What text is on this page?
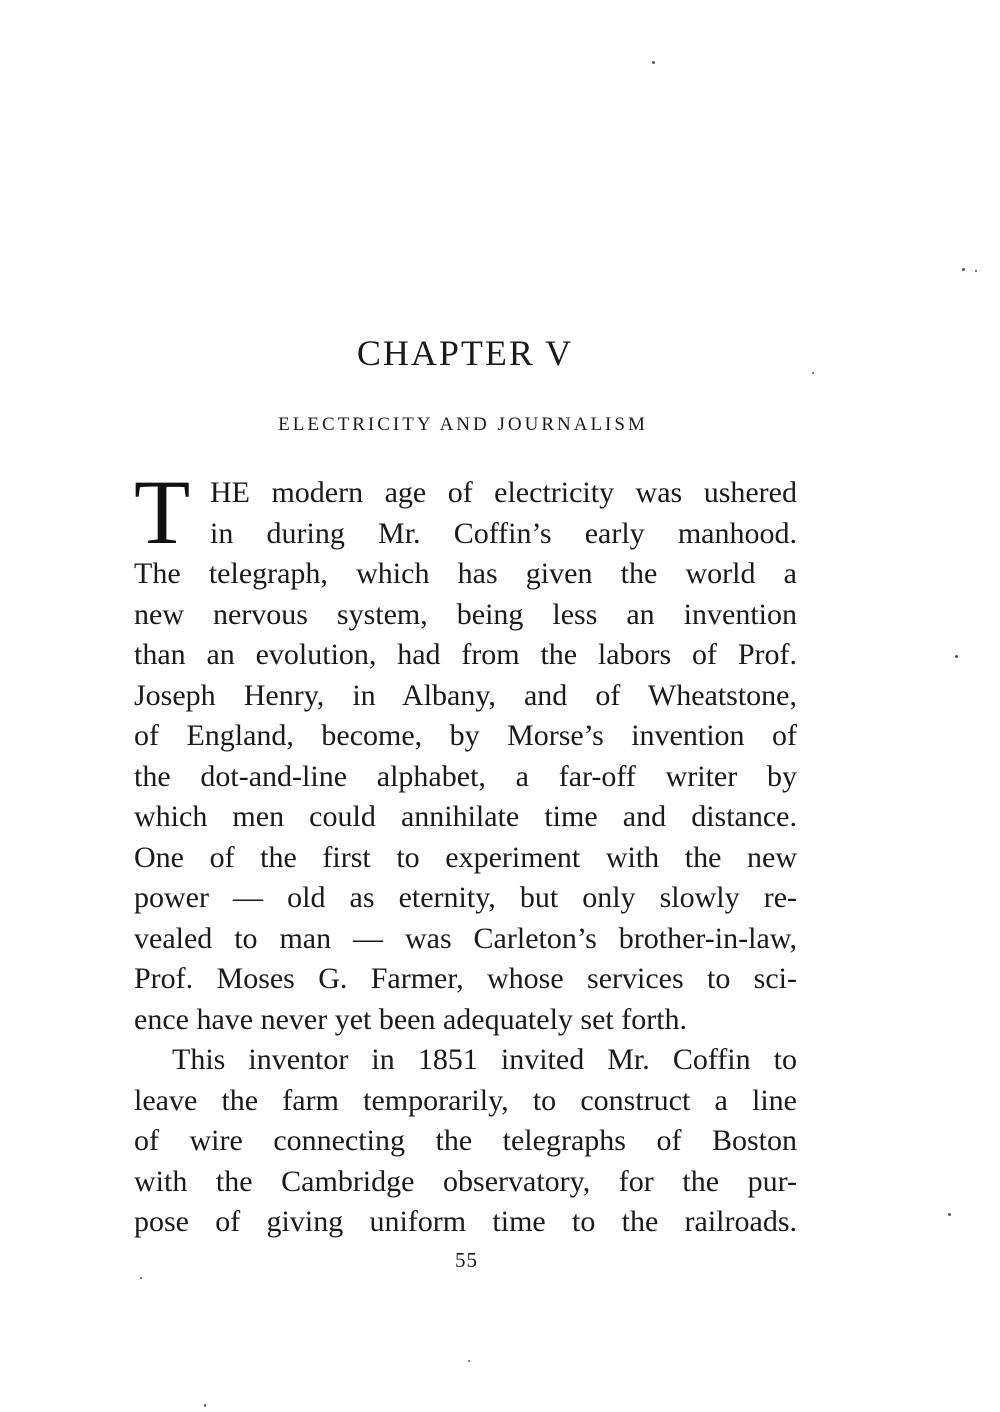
CHAPTER V
ELECTRICITY AND JOURNALISM
T HE modern age of electricity was ushered
in during Mr. Coffin’s early manhood.
The telegraph, which has given the world a
new nervous system, being less an invention
than an evolution, had from the labors of Prof.
Joseph Henry, in Albany, and of Wheatstone,
of England, become, by Morse’s invention of
the dot-and-line alphabet, a far-off writer by
which men could annihilate time and distance.
One of the first to experiment with the new
power — old as eternity, but only slowly re-
vealed to man — was Carleton’s brother-in-law,
Prof. Moses G. Farmer, whose services to sci-
ence have never yet been adequately set forth.
This inventor in 1851 invited Mr. Coffin to
leave the farm temporarily, to construct a line
of wire connecting the telegraphs of Boston
with the Cambridge observatory, for the pur-
pose of giving uniform time to the railroads.
55
